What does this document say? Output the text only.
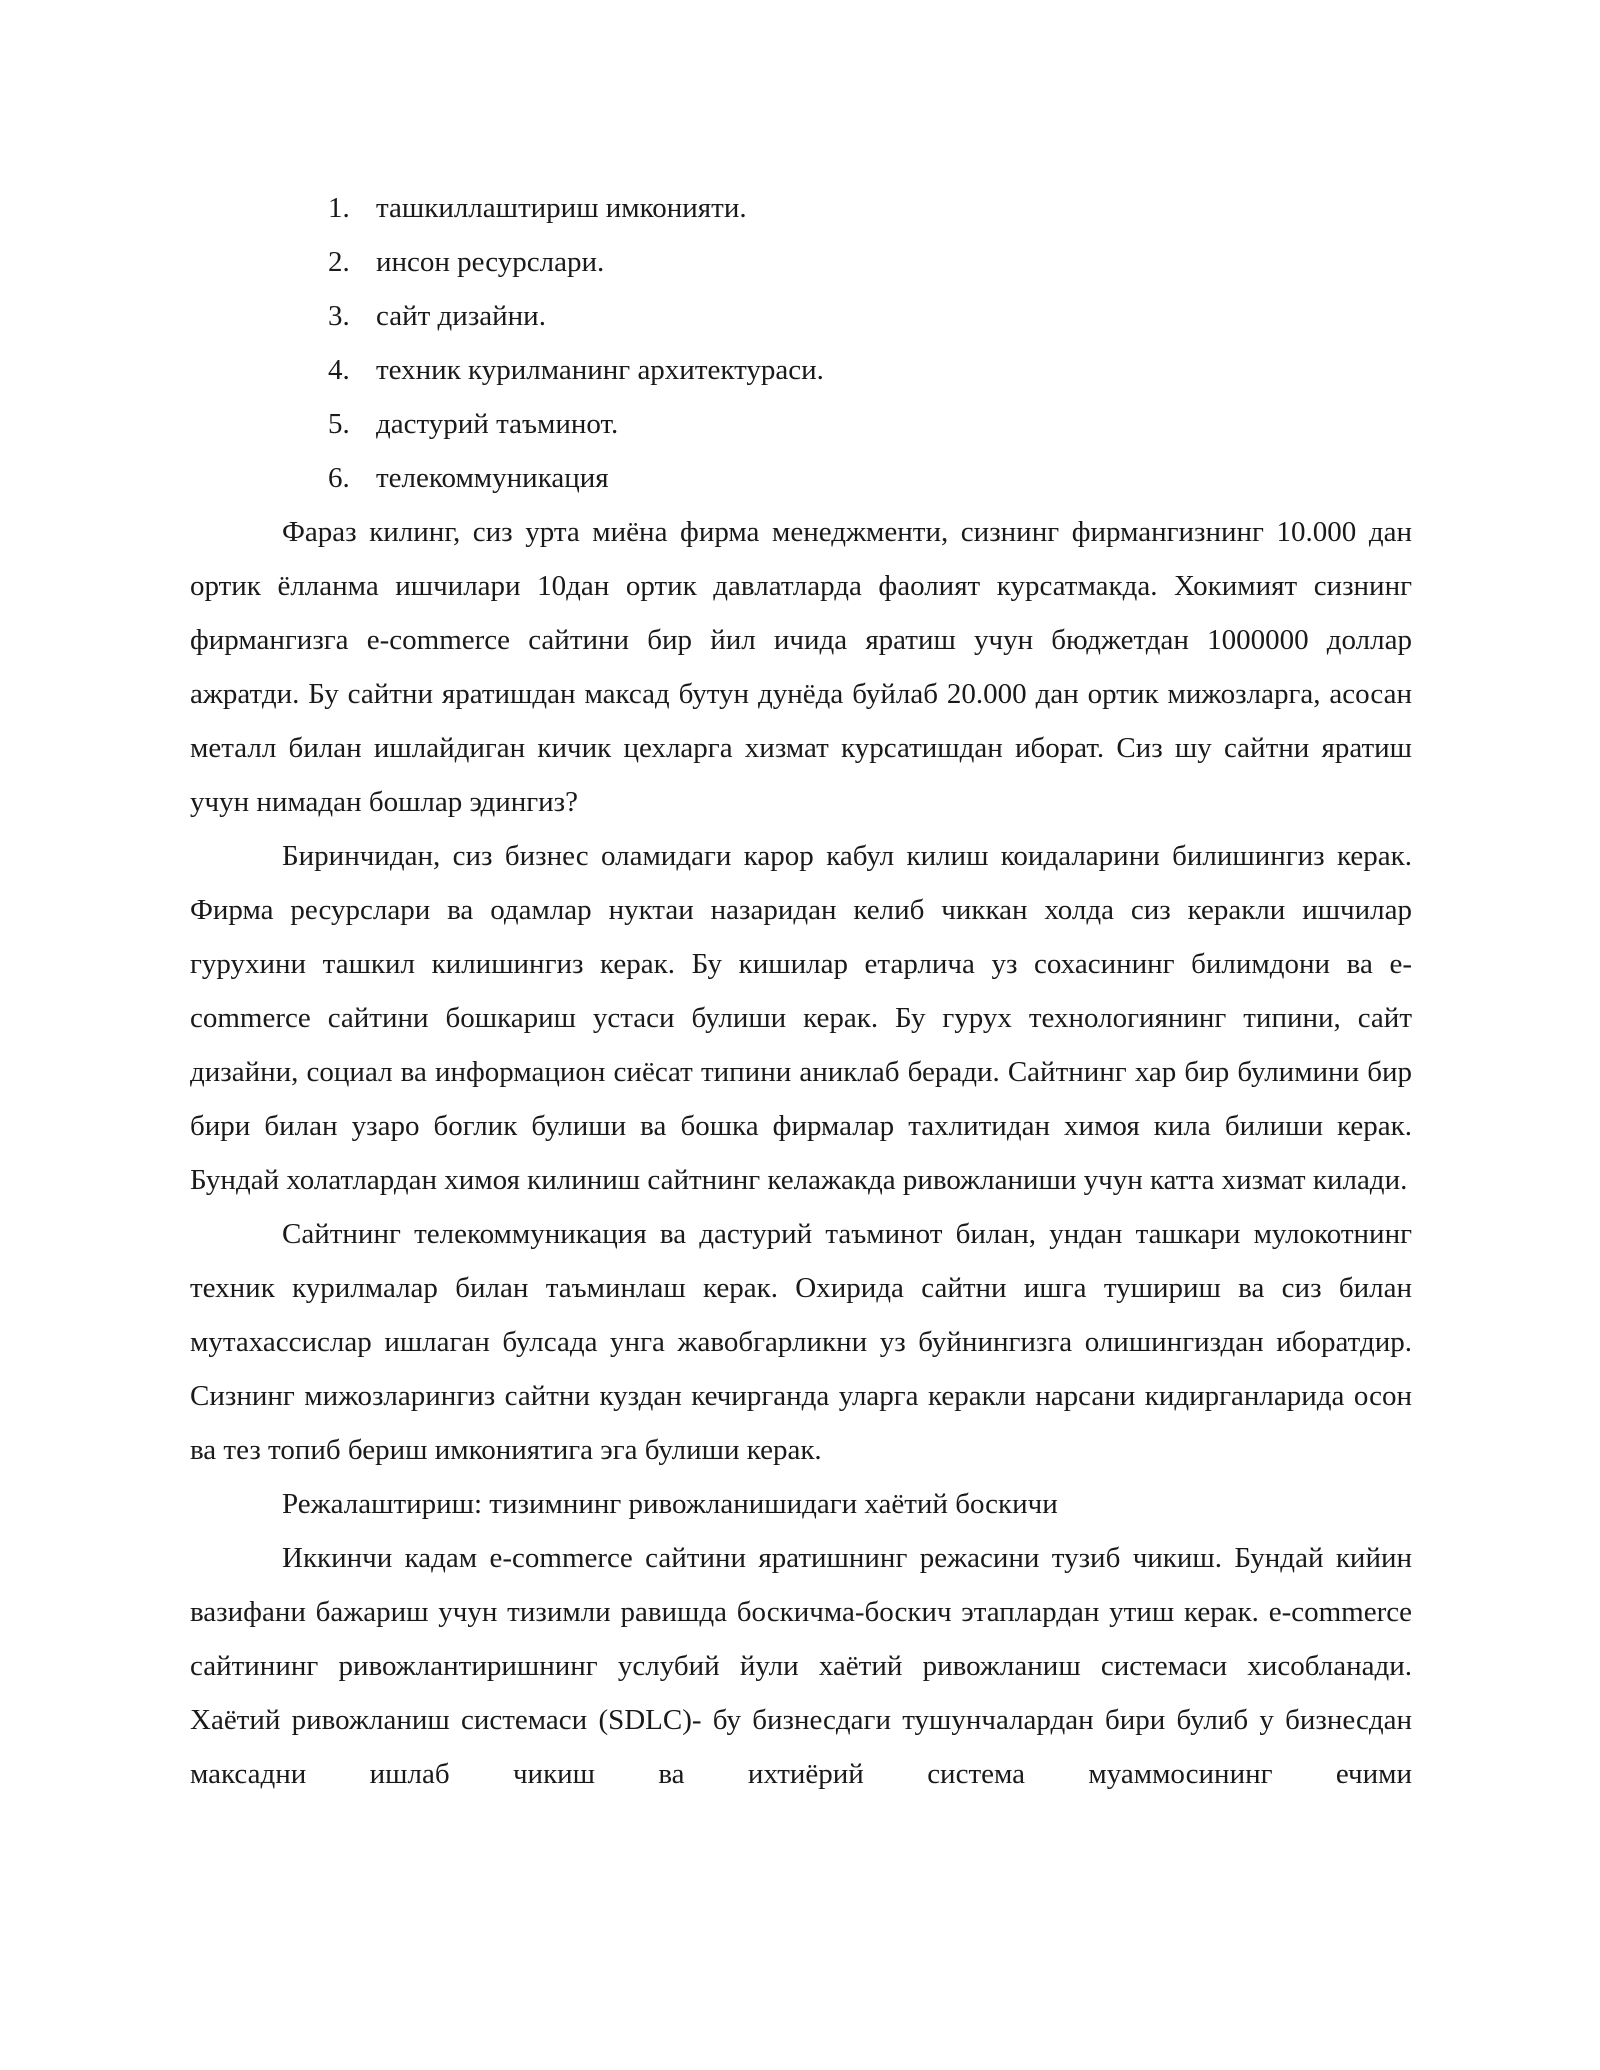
1. ташкиллаштириш имконияти.
2. инсон ресурслари.
3. сайт дизайни.
4. техник курилманинг архитектураси.
5. дастурий таъминот.
6. телекоммуникация

Фараз килинг, сиз урта миёна фирма менеджменти, сизнинг фирмангизнинг 10.000 дан ортик ёлланма ишчилари 10дан ортик давлатларда фаолият курсатмакда. Хокимият сизнинг фирмангизга e-commerce сайтини бир йил ичида яратиш учун бюджетдан 1000000 доллар ажратди. Бу сайтни яратишдан максад бутун дунёда буйлаб 20.000 дан ортик мижозларга, асосан металл билан ишлайдиган кичик цехларга хизмат курсатишдан иборат. Сиз шу сайтни яратиш учун нимадан бошлар эдингиз?

Биринчидан, сиз бизнес оламидаги карор кабул килиш коидаларини билишингиз керак. Фирма ресурслари ва одамлар нуктаи назаридан келиб чиккан холда сиз керакли ишчилар гурухини ташкил килишингиз керак. Бу кишилар етарлича уз сохасининг билимдони ва e-commerce сайтини бошкариш устаси булиши керак. Бу гурух технологиянинг типини, сайт дизайни, социал ва информацион сиёсат типини аниклаб беради. Сайтнинг хар бир булимини бир бири билан узаро боглик булиши ва бошка фирмалар тахлитидан химоя кила билиши керак. Бундай холатлардан химоя килиниш сайтнинг келажакда ривожланиши учун катта хизмат килади.

Сайтнинг телекоммуникация ва дастурий таъминот билан, ундан ташкари мулокотнинг техник курилмалар билан таъминлаш керак. Охирида сайтни ишга тушириш ва сиз билан мутахассислар ишлаган булсада унга жавобгарликни уз буйнингизга олишингиздан иборатдир. Сизнинг мижозларингиз сайтни куздан кечирганда уларга керакли нарсани кидирганларида осон ва тез топиб бериш имкониятига эга булиши керак.

Режалаштириш: тизимнинг ривожланишидаги хаётий боскичи

Иккинчи кадам e-commerce сайтини яратишнинг режасини тузиб чикиш. Бундай кийин вазифани бажариш учун тизимли равишда боскичма-боскич этаплардан утиш керак. e-commerce сайтининг ривожлантиришнинг услубий йули хаётий ривожланиш системаси хисобланади. Хаётий ривожланиш системаси (SDLC)- бу бизнесдаги тушунчалардан бири булиб у бизнесдан максадни ишлаб чикиш ва ихтиёрий система муаммосининг ечими
